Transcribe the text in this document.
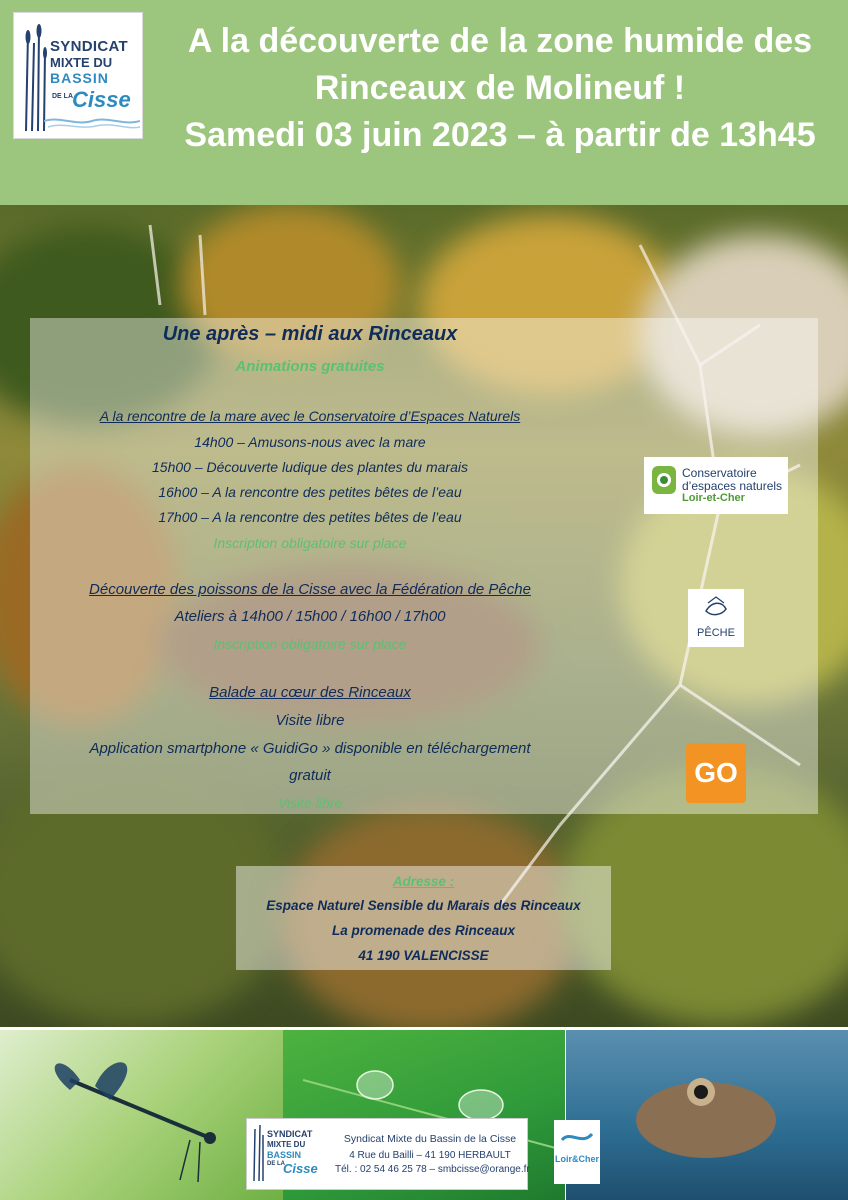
SYNDICAT
MIXTE DU
BASSIN
DE LA Cisse
A la découverte de la zone humide des
Rinceaux de Molineuf !
Samedi 03 juin 2023 – à partir de 13h45
Une après – midi aux Rinceaux
Animations gratuites
A la rencontre de la mare avec le Conservatoire d’Espaces Naturels
14h00 – Amusons-nous avec la mare
15h00 – Découverte ludique des plantes du marais
16h00 – A la rencontre des petites bêtes de l’eau
17h00 – A la rencontre des petites bêtes de l’eau
Inscription obligatoire sur place
Découverte des poissons de la Cisse avec la Fédération de Pêche
Ateliers à 14h00 / 15h00 / 16h00 / 17h00
Inscription obligatoire sur place
Balade au cœur des Rinceaux
Visite libre
Application smartphone « GuidiGo » disponible en téléchargement
gratuit
Visite libre
Conservatoire
d’espaces naturels
Loir-et-Cher
PÊCHE
GO
Adresse :
Espace Naturel Sensible du Marais des Rinceaux
La promenade des Rinceaux
41 190 VALENCISSE
SYNDICAT
MIXTE DU
BASSIN
DE LA
Cisse
Syndicat Mixte du Bassin de la Cisse
4 Rue du Bailli – 41 190 HERBAULT
Tél. : 02 54 46 25 78 – smbcisse@orange.fr
Loir&Cher
